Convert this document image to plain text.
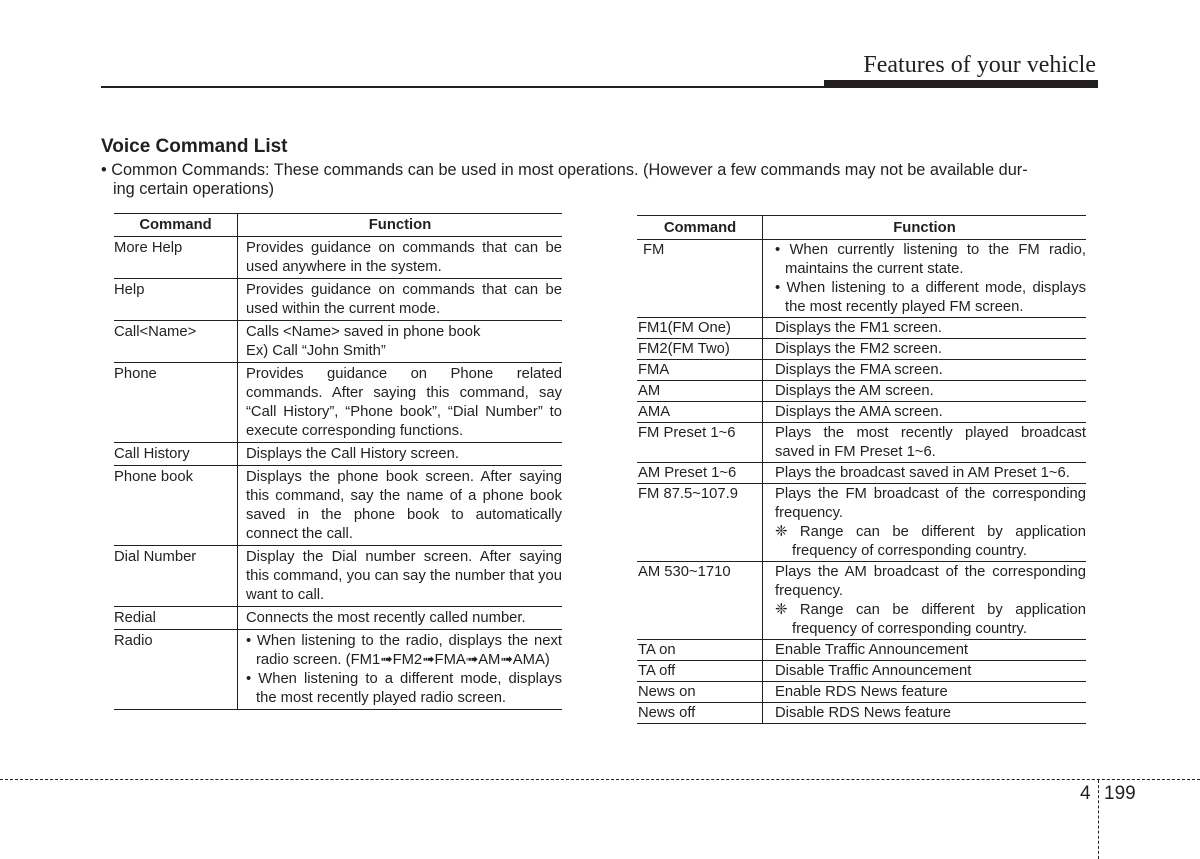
Features of your vehicle
Voice Command List
• Common Commands: These commands can be used in most operations. (However a few commands may not be available dur-
ing certain operations)
Command	Function
More Help	Provides guidance on commands that can be used anywhere in the system.
Help	Provides guidance on commands that can be used within the current mode.
Call<Name>	Calls <Name> saved in phone book
Ex) Call “John Smith”

Phone	Provides guidance on Phone related commands. After saying this command, say “Call History”, “Phone book”, “Dial Number” to execute corresponding functions.
Call History	Displays the Call History screen.
Phone book	Displays the phone book screen. After saying this command, say the name of a phone book saved in the phone book to automatically connect the call.
Dial Number	Display the Dial number screen. After saying this command, you can say the number that you want to call.
Redial	Connects the most recently called number.
Radio	• When listening to the radio, displays the next radio screen. (FM1➟FM2➟FMA➟AM➟AMA)
• When listening to a different mode, displays the most recently played radio screen.
Command	Function
FM	• When currently listening to the FM radio, maintains the current state.
• When listening to a different mode, displays the most recently played FM screen.

FM1(FM One)	Displays the FM1 screen.
FM2(FM Two)	Displays the FM2 screen.
FMA	Displays the FMA screen.
AM	Displays the AM screen.
AMA	Displays the AMA screen.
FM Preset 1~6	Plays the most recently played broadcast saved in FM Preset 1~6.
AM Preset 1~6	Plays the broadcast saved in AM Preset 1~6.
FM 87.5~107.9	Plays the FM broadcast of the corresponding frequency.
❈ Range can be different by application frequency of corresponding country.

AM 530~1710	Plays the AM broadcast of the corresponding frequency.
❈ Range can be different by application frequency of corresponding country.

TA on	Enable Traffic Announcement
TA off	Disable Traffic Announcement
News on	Enable RDS News feature
News off	Disable RDS News feature
4 199
